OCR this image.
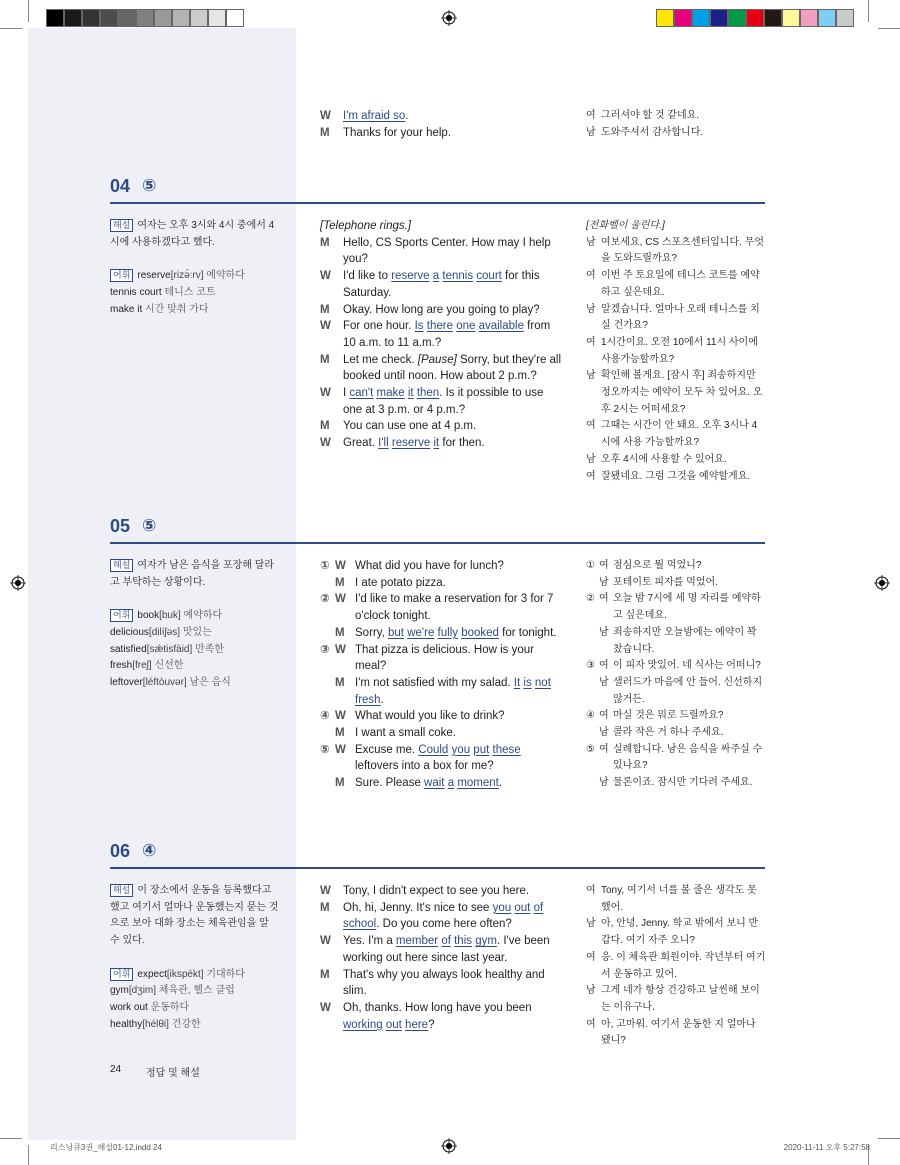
W I'm afraid so.
M Thanks for your help.
여 그러셔야 할 것 같네요.
남 도와주셔서 감사합니다.
04 ⑤
해설 여자는 오후 3시와 4시 중에서 4시에 사용하겠다고 했다.
어휘 reserve[rizə́ːrv] 예약하다
tennis court 테니스 코트
make it 시간 맞춰 가다
[Telephone rings.]
M Hello, CS Sports Center. How may I help you?
W I'd like to reserve a tennis court for this Saturday.
M Okay. How long are you going to play?
W For one hour. Is there one available from 10 a.m. to 11 a.m.?
M Let me check. [Pause] Sorry, but they're all booked until noon. How about 2 p.m.?
W I can't make it then. Is it possible to use one at 3 p.m. or 4 p.m.?
M You can use one at 4 p.m.
W Great. I'll reserve it for then.
[전화벨이 울린다.]
남 여보세요, CS 스포츠센터입니다. 무엇을 도와드릴까요?
여 이번 주 토요일에 테니스 코트를 예약하고 싶은데요.
남 알겠습니다. 얼마나 오래 테니스를 치실 건가요?
여 1시간이요. 오전 10에서 11시 사이에 사용가능할까요?
남 확인해 볼게요. [잠시 후] 죄송하지만 정오까지는 예약이 모두 차 있어요. 오후 2시는 어떠세요?
여 그때는 시간이 안 돼요. 오후 3시나 4시에 사용 가능할까요?
남 오후 4시에 사용할 수 있어요.
여 잘됐네요. 그럼 그것을 예약할게요.
05 ⑤
해설 여자가 남은 음식을 포장해 달라고 부탁하는 상황이다.
어휘 book[buk] 예약하다
delicious[dilíʃəs] 맛있는
satisfied[sǽtisfàid] 만족한
fresh[freʃ] 신선한
leftover[léftòuvər] 남은 음식
① W What did you have for lunch?
M I ate potato pizza.
② W I'd like to make a reservation for 3 for 7 o'clock tonight.
M Sorry, but we're fully booked for tonight.
③ W That pizza is delicious. How is your meal?
M I'm not satisfied with my salad. It is not fresh.
④ W What would you like to drink?
M I want a small coke.
⑤ W Excuse me. Could you put these leftovers into a box for me?
M Sure. Please wait a moment.
① 여 점심으로 뭘 먹었니?
남 포테이토 피자를 먹었어.
② 여 오늘 밤 7시에 세 명 자리를 예약하고 싶은데요.
남 죄송하지만 오늘밤에는 예약이 꽉 찼습니다.
③ 여 이 피자 맛있어. 네 식사는 어떠니?
남 샐러드가 마음에 안 들어. 신선하지 않거든.
④ 여 마실 것은 뭐로 드릴까요?
남 콜라 작은 거 하나 주세요.
⑤ 여 실례합니다. 남은 음식을 싸주실 수 있나요?
남 물론이죠. 잠시만 기다려 주세요.
06 ④
해설 이 장소에서 운동을 등록했다고 했고 여기서 얼마나 운동했는지 묻는 것으로 보아 대화 장소는 체육관임을 알 수 있다.
어휘 expect[ikspékt] 기대하다
gym[dʒim] 체육관, 헬스 클럽
work out 운동하다
healthy[hélθi] 건강한
W Tony, I didn't expect to see you here.
M Oh, hi, Jenny. It's nice to see you out of school. Do you come here often?
W Yes. I'm a member of this gym. I've been working out here since last year.
M That's why you always look healthy and slim.
W Oh, thanks. How long have you been working out here?
여 Tony, 여기서 너를 볼 줄은 생각도 못했어.
남 아, 안녕, Jenny. 학교 밖에서 보니 반갑다. 여기 자주 오니?
여 응. 이 체육관 회원이야. 작년부터 여기서 운동하고 있어.
남 그게 네가 항상 건강하고 날씬해 보이는 이유구나.
여 아, 고마워. 여기서 운동한 지 얼마나 됐니?
24 정답 및 해설
리스닝큐3권_해설01-12.indd 24	2020-11-11 오후 5:27:58
